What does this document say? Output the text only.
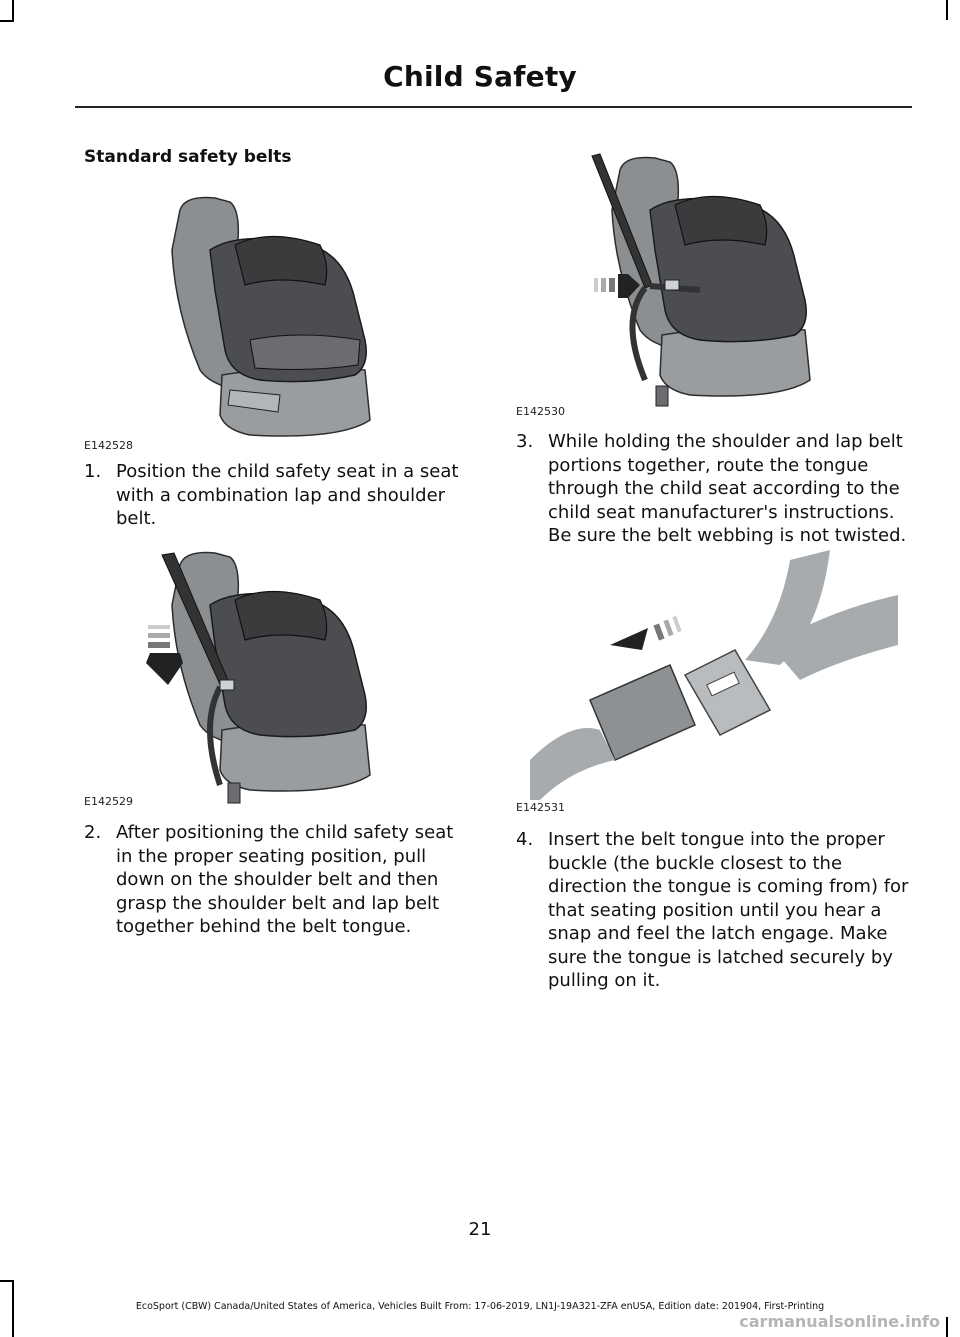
Child Safety
Standard safety belts
E142528
1. Position the child safety seat in a seat with a combination lap and shoulder belt.
E142529
2. After positioning the child safety seat in the proper seating position, pull down on the shoulder belt and then grasp the shoulder belt and lap belt together behind the belt tongue.
E142530
3. While holding the shoulder and lap belt portions together, route the tongue through the child seat according to the child seat manufacturer's instructions. Be sure the belt webbing is not twisted.
E142531
4. Insert the belt tongue into the proper buckle (the buckle closest to the direction the tongue is coming from) for that seating position until you hear a snap and feel the latch engage. Make sure the tongue is latched securely by pulling on it.
21
EcoSport (CBW) Canada/United States of America, Vehicles Built From: 17-06-2019, LN1J-19A321-ZFA enUSA, Edition date: 201904, First-Printing
carmanualsonline.info
